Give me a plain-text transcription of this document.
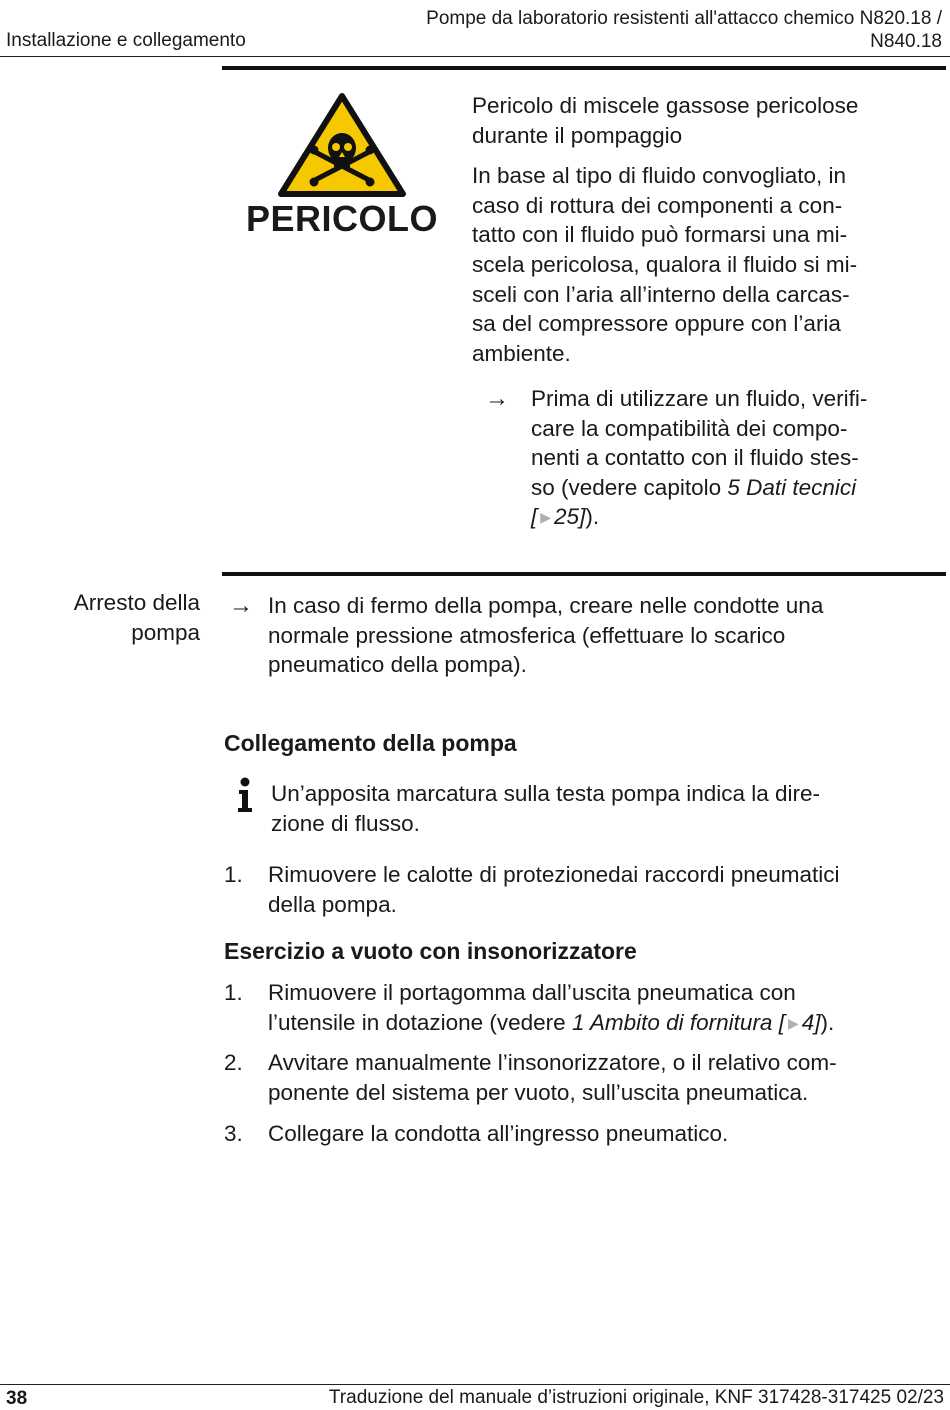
Installazione e collegamento
Pompe da laboratorio resistenti all'attacco chemico N820.18 /
N840.18
PERICOLO
Pericolo di miscele gassose pericolose
durante il pompaggio
In base al tipo di fluido convogliato, in
caso di rottura dei componenti a con-
tatto con il fluido può formarsi una mi-
scela pericolosa, qualora il fluido si mi-
sceli con l’aria all’interno della carcas-
sa del compressore oppure con l’aria
ambiente.
→ Prima di utilizzare un fluido, verifi-
care la compatibilità dei compo-
nenti a contatto con il fluido stes-
so (vedere capitolo 5 Dati tecnici
[ ▶ 25]).
Arresto della
pompa
→ In caso di fermo della pompa, creare nelle condotte una
normale pressione atmosferica (effettuare lo scarico
pneumatico della pompa).
Collegamento della pompa
Un’apposita marcatura sulla testa pompa indica la dire-
zione di flusso.
1.	Rimuovere le calotte di protezionedai raccordi pneumatici
della pompa.
Esercizio a vuoto con insonorizzatore
1.	Rimuovere il portagomma dall’uscita pneumatica con
l’utensile in dotazione (vedere 1 Ambito di fornitura [ ▶ 4]).
2.	Avvitare manualmente l’insonorizzatore, o il relativo com-
ponente del sistema per vuoto, sull’uscita pneumatica.
3.	Collegare la condotta all’ingresso pneumatico.
38	Traduzione del manuale d’istruzioni originale, KNF 317428-317425 02/23
